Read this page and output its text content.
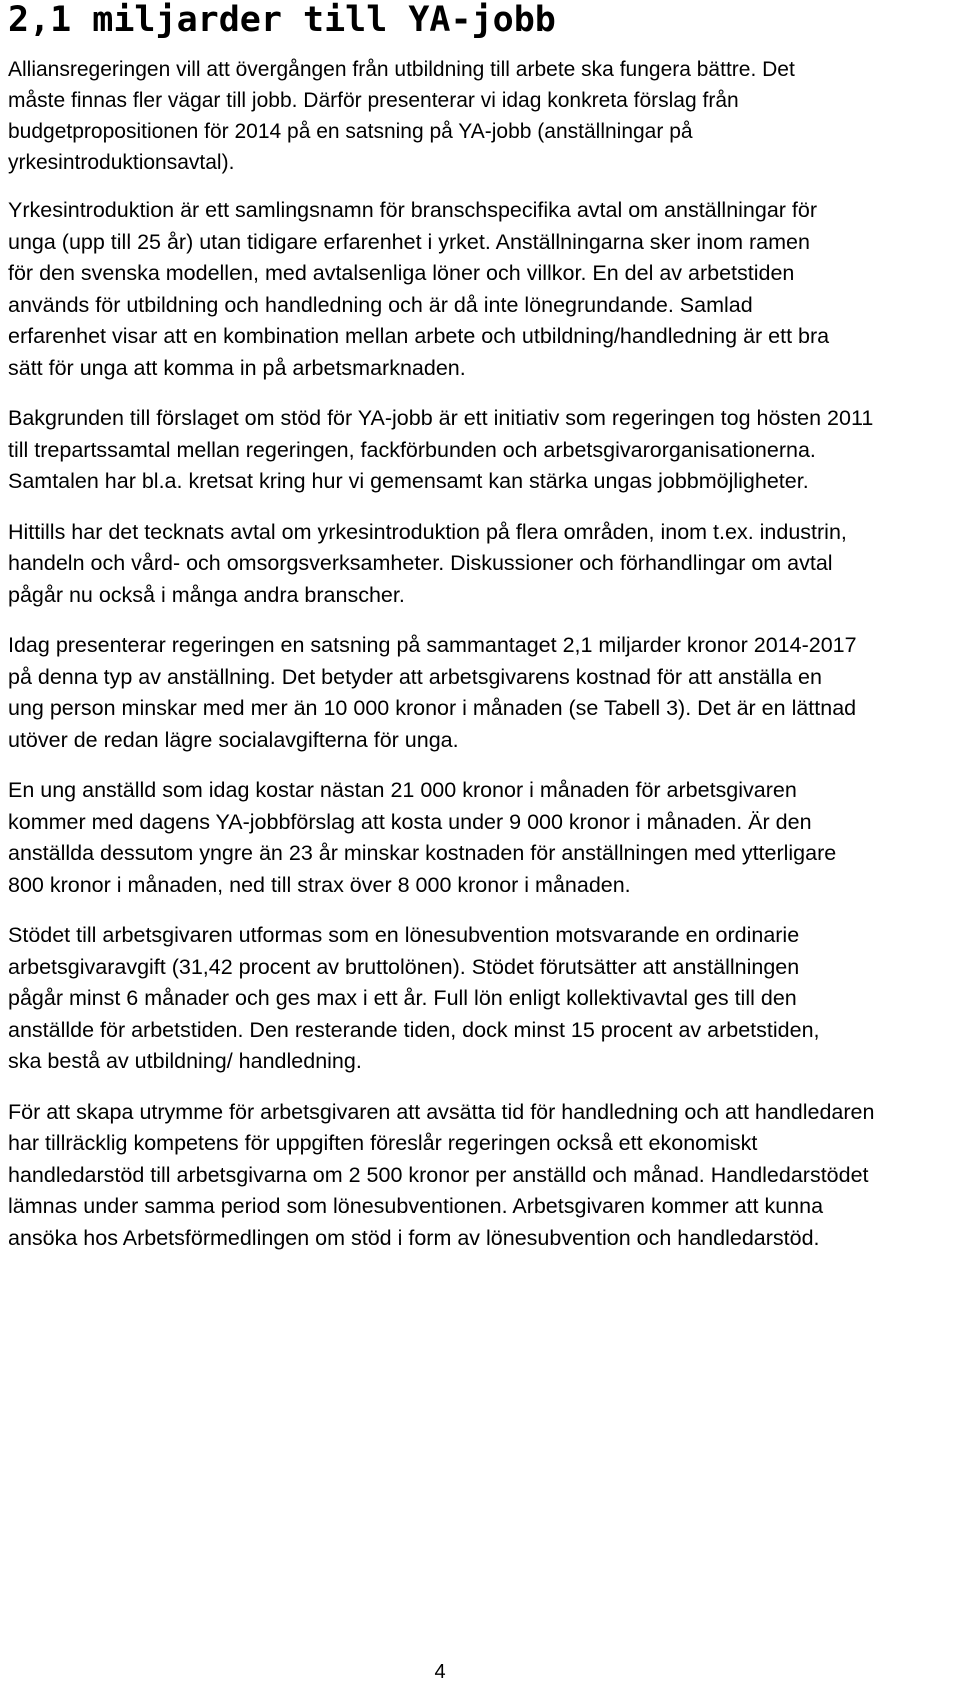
2,1 miljarder till YA-jobb

Alliansregeringen vill att övergången från utbildning till arbete ska fungera bättre. Det måste finnas fler vägar till jobb. Därför presenterar vi idag konkreta förslag från budgetpropositionen för 2014 på en satsning på YA-jobb (anställningar på yrkesintroduktionsavtal).

Yrkesintroduktion är ett samlingsnamn för branschspecifika avtal om anställningar för unga (upp till 25 år) utan tidigare erfarenhet i yrket. Anställningarna sker inom ramen för den svenska modellen, med avtalsenliga löner och villkor. En del av arbetstiden används för utbildning och handledning och är då inte lönegrundande. Samlad erfarenhet visar att en kombination mellan arbete och utbildning/handledning är ett bra sätt för unga att komma in på arbetsmarknaden.

Bakgrunden till förslaget om stöd för YA-jobb är ett initiativ som regeringen tog hösten 2011 till trepartssamtal mellan regeringen, fackförbunden och arbetsgivarorganisationerna. Samtalen har bl.a. kretsat kring hur vi gemensamt kan stärka ungas jobbmöjligheter.

Hittills har det tecknats avtal om yrkesintroduktion på flera områden, inom t.ex. industrin, handeln och vård- och omsorgsverksamheter. Diskussioner och förhandlingar om avtal pågår nu också i många andra branscher.

Idag presenterar regeringen en satsning på sammantaget 2,1 miljarder kronor 2014-2017 på denna typ av anställning. Det betyder att arbetsgivarens kostnad för att anställa en ung person minskar med mer än 10 000 kronor i månaden (se Tabell 3). Det är en lättnad utöver de redan lägre socialavgifterna för unga.

En ung anställd som idag kostar nästan 21 000 kronor i månaden för arbetsgivaren kommer med dagens YA-jobbförslag att kosta under 9 000 kronor i månaden. Är den anställda dessutom yngre än 23 år minskar kostnaden för anställningen med ytterligare 800 kronor i månaden, ned till strax över 8 000 kronor i månaden.

Stödet till arbetsgivaren utformas som en lönesubvention motsvarande en ordinarie arbetsgivaravgift (31,42 procent av bruttolönen). Stödet förutsätter att anställningen pågår minst 6 månader och ges max i ett år. Full lön enligt kollektivavtal ges till den anställde för arbetstiden. Den resterande tiden, dock minst 15 procent av arbetstiden, ska bestå av utbildning/ handledning.

För att skapa utrymme för arbetsgivaren att avsätta tid för handledning och att handledaren har tillräcklig kompetens för uppgiften föreslår regeringen också ett ekonomiskt handledarstöd till arbetsgivarna om 2 500 kronor per anställd och månad. Handledarstödet lämnas under samma period som lönesubventionen. Arbetsgivaren kommer att kunna ansöka hos Arbetsförmedlingen om stöd i form av lönesubvention och handledarstöd.

4
